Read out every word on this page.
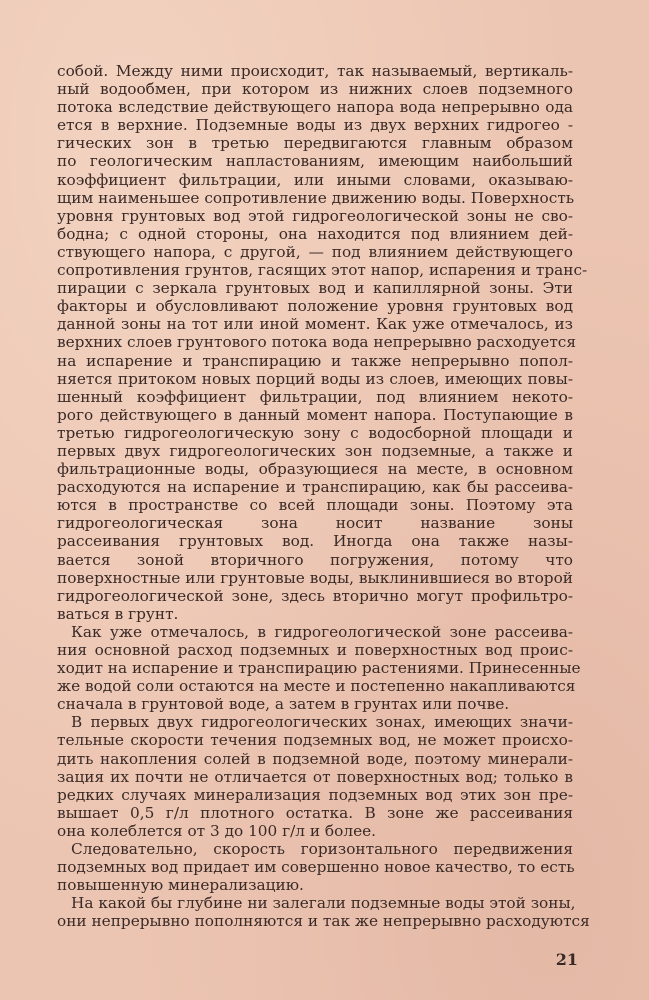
собой. Между ними происходит, так называемый, вертикаль-
ный водообмен, при котором из нижних слоев подземного
потока вследствие действующего напора вода непрерывно ода
ется в верхние. Подземные воды из двух верхних гидрогео -
гических зон в третью передвигаются главным образом
по геологическим напластованиям, имеющим наибольший
коэффициент фильтрации, или иными словами, оказываю-
щим наименьшее сопротивление движению воды. Поверхность
уровня грунтовых вод этой гидрогеологической зоны не сво-
бодна; с одной стороны, она находится под влиянием дей-
ствующего напора, с другой, — под влиянием действующего
сопротивления грунтов, гасящих этот напор, испарения и транс-
пирации с зеркала грунтовых вод и капиллярной зоны. Эти
факторы и обусловливают положение уровня грунтовых вод
данной зоны на тот или иной момент. Как уже отмечалось, из
верхних слоев грунтового потока вода непрерывно расходуется
на испарение и транспирацию и также непрерывно попол-
няется притоком новых порций воды из слоев, имеющих повы-
шенный коэффициент фильтрации, под влиянием некото-
рого действующего в данный момент напора. Поступающие в
третью гидрогеологическую зону с водосборной площади и
первых двух гидрогеологических зон подземные, а также и
фильтрационные воды, образующиеся на месте, в основном
расходуются на испарение и транспирацию, как бы рассеива-
ются в пространстве со всей площади зоны. Поэтому эта
гидрогеологическая зона носит название зоны
рассеивания грунтовых вод. Иногда она также назы-
вается зоной вторичного погружения, потому что
поверхностные или грунтовые воды, выклинившиеся во второй
гидрогеологической зоне, здесь вторично могут профильтро-
ваться в грунт.
Как уже отмечалось, в гидрогеологической зоне рассеива-
ния основной расход подземных и поверхностных вод проис-
ходит на испарение и транспирацию растениями. Принесенные
же водой соли остаются на месте и постепенно накапливаются
сначала в грунтовой воде, а затем в грунтах или почве.
В первых двух гидрогеологических зонах, имеющих значи-
тельные скорости течения подземных вод, не может происхо-
дить накопления солей в подземной воде, поэтому минерали-
зация их почти не отличается от поверхностных вод; только в
редких случаях минерализация подземных вод этих зон пре-
вышает 0,5 г/л плотного остатка. В зоне же рассеивания
она колеблется от 3 до 100 г/л и более.
Следовательно, скорость горизонтального передвижения
подземных вод придает им совершенно новое качество, то есть
повышенную минерализацию.
На какой бы глубине ни залегали подземные воды этой зоны,
они непрерывно пополняются и так же непрерывно расходуются
21
